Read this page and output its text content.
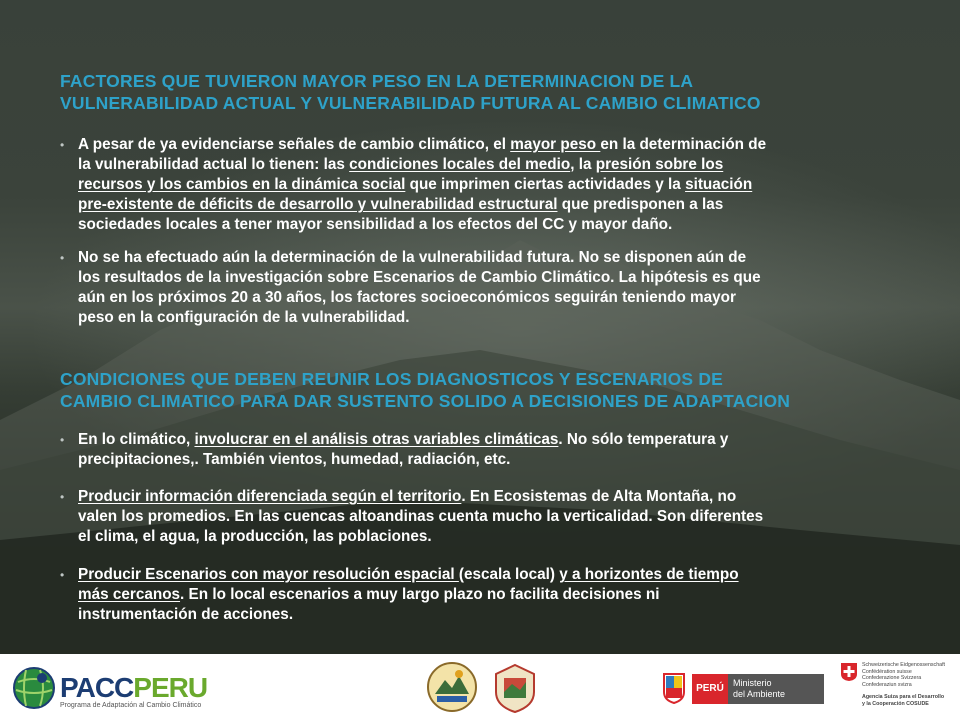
FACTORES QUE TUVIERON MAYOR PESO EN LA DETERMINACION DE LA
VULNERABILIDAD ACTUAL Y VULNERABILIDAD FUTURA AL CAMBIO CLIMATICO
• A pesar de ya evidenciarse señales de cambio climático, el mayor peso en la determinación de
la vulnerabilidad actual lo tienen: las condiciones locales del medio, la presión sobre los
recursos y los cambios en la dinámica social que imprimen ciertas actividades y la situación
pre-existente de déficits de desarrollo y vulnerabilidad estructural que predisponen a las
sociedades locales a tener mayor sensibilidad a los efectos del CC y mayor daño.
• No se ha efectuado aún la determinación de la vulnerabilidad futura. No se disponen aún de
los resultados de la investigación sobre Escenarios de Cambio Climático. La hipótesis es que
aún en los próximos 20 a 30 años, los factores socioeconómicos seguirán teniendo mayor
peso en la configuración de la vulnerabilidad.
CONDICIONES QUE DEBEN REUNIR LOS DIAGNOSTICOS Y ESCENARIOS DE
CAMBIO CLIMATICO PARA DAR SUSTENTO SOLIDO A DECISIONES DE ADAPTACION
• En lo climático, involucrar en el análisis otras variables climáticas. No sólo temperatura y
precipitaciones,. También vientos, humedad, radiación, etc.
• Producir información diferenciada según el territorio. En Ecosistemas de Alta Montaña, no
valen los promedios. En las cuencas altoandinas cuenta mucho la verticalidad. Son diferentes
el clima, el agua, la producción, las poblaciones.
• Producir Escenarios con mayor resolución espacial (escala local) y a horizontes de tiempo
más cercanos. En lo local escenarios a muy largo plazo no facilita decisiones ni
instrumentación de acciones.
PACCPERU
Programa de Adaptación al Cambio Climático
PERÚ	Ministerio
del Ambiente
Schweizerische Eidgenossenschaft
Confédération suisse
Confederazione Svizzera
Confederaziun svizra
Agencia Suiza para el Desarrollo
y la Cooperación COSUDE
